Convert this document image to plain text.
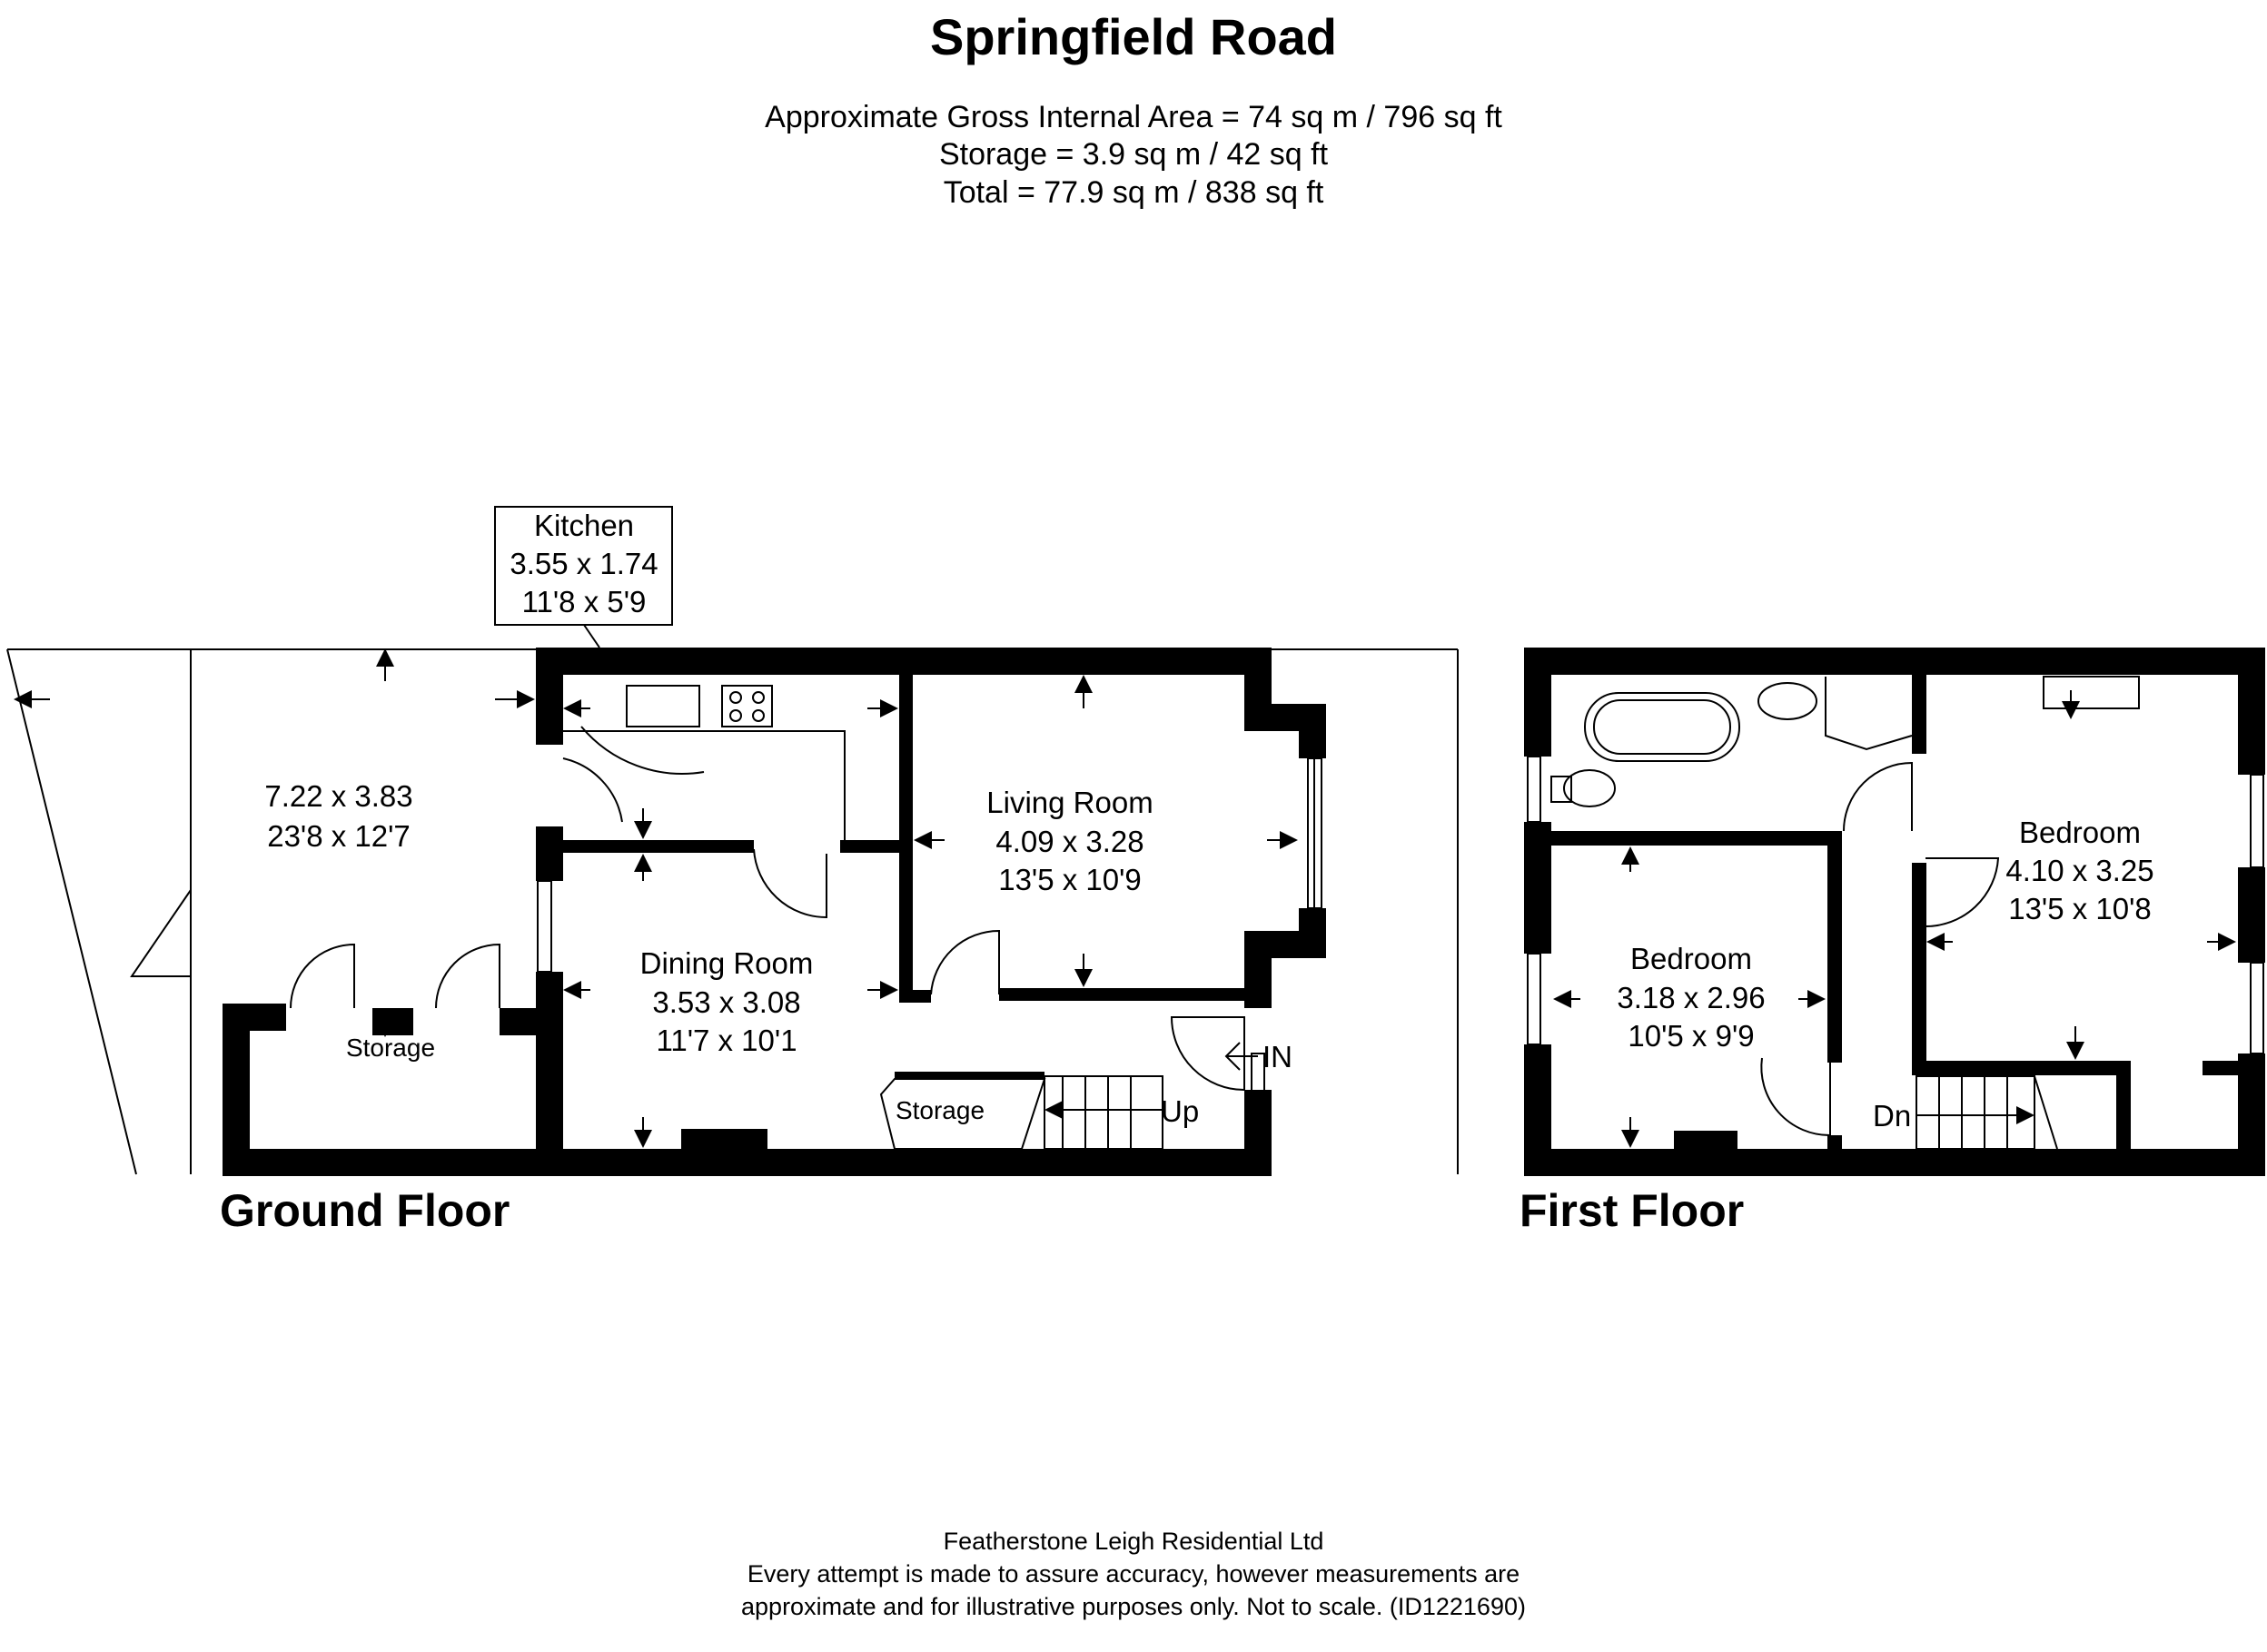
Springfield Road
Approximate Gross Internal Area = 74 sq m / 796 sq ft
Storage = 3.9 sq m / 42 sq ft
Total = 77.9 sq m / 838 sq ft
Kitchen
3.55 x 1.74
11'8 x 5'9
7.22 x 3.83
23'8 x 12'7
Living Room
4.09 x 3.28
13'5 x 10'9
Dining Room
3.53 x 3.08
11'7 x 10'1
Storage
Storage	Up
IN
Ground Floor
Bedroom
3.18 x 2.96
10'5 x 9'9
Bedroom
4.10 x 3.25
13'5 x 10'8
Dn
First Floor
Featherstone Leigh Residential Ltd
Every attempt is made to assure accuracy, however measurements are
approximate and for illustrative purposes only. Not to scale. (ID1221690)
